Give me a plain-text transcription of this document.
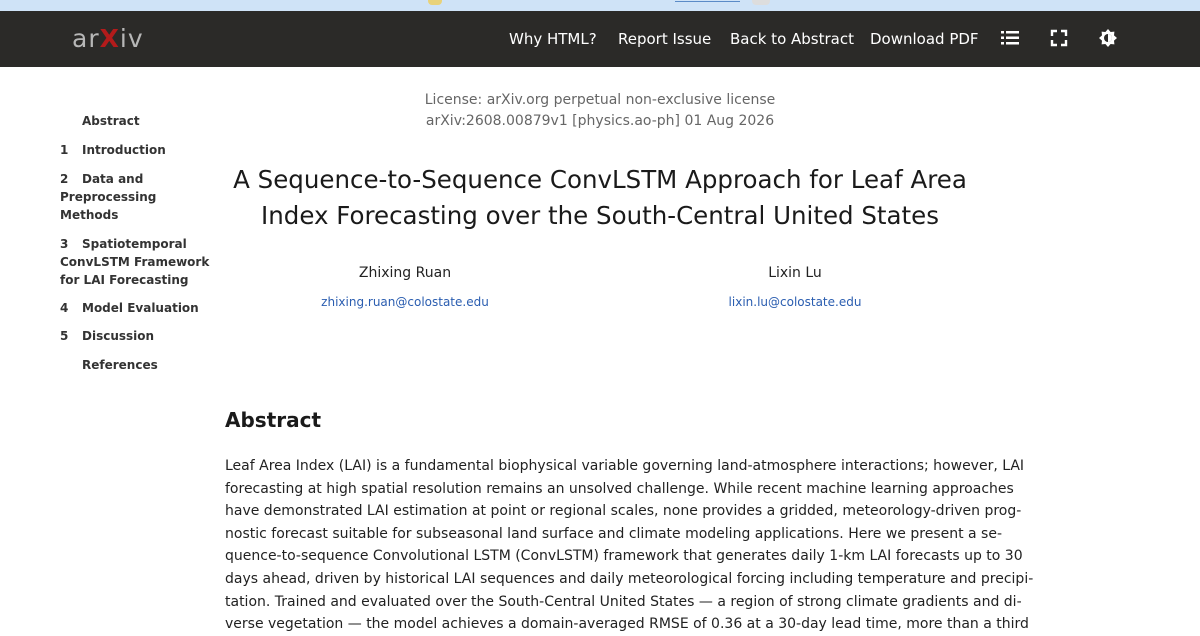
arXiv	Why HTML? Report Issue Back to Abstract Download PDF
Abstract
1 Introduction
2 Data and Preprocessing Methods
3 Spatiotemporal ConvLSTM Framework for LAI Forecasting
4 Model Evaluation
5 Discussion
References
License: arXiv.org perpetual non-exclusive license
arXiv:2608.00879v1 [physics.ao-ph] 01 Aug 2026
A Sequence-to-Sequence ConvLSTM Approach for Leaf Area
Index Forecasting over the South-Central United States
Zhixing Ruan
zhixing.ruan@colostate.edu
Lixin Lu
lixin.lu@colostate.edu
Abstract
Leaf Area Index (LAI) is a fundamental biophysical variable governing land-atmosphere interactions; however, LAI
forecasting at high spatial resolution remains an unsolved challenge. While recent machine learning approaches
have demonstrated LAI estimation at point or regional scales, none provides a gridded, meteorology-driven prog-
nostic forecast suitable for subseasonal land surface and climate modeling applications. Here we present a se-
quence-to-sequence Convolutional LSTM (ConvLSTM) framework that generates daily 1-km LAI forecasts up to 30
days ahead, driven by historical LAI sequences and daily meteorological forcing including temperature and precipi-
tation. Trained and evaluated over the South-Central United States — a region of strong climate gradients and di-
verse vegetation — the model achieves a domain-averaged RMSE of 0.36 at a 30-day lead time, more than a third
